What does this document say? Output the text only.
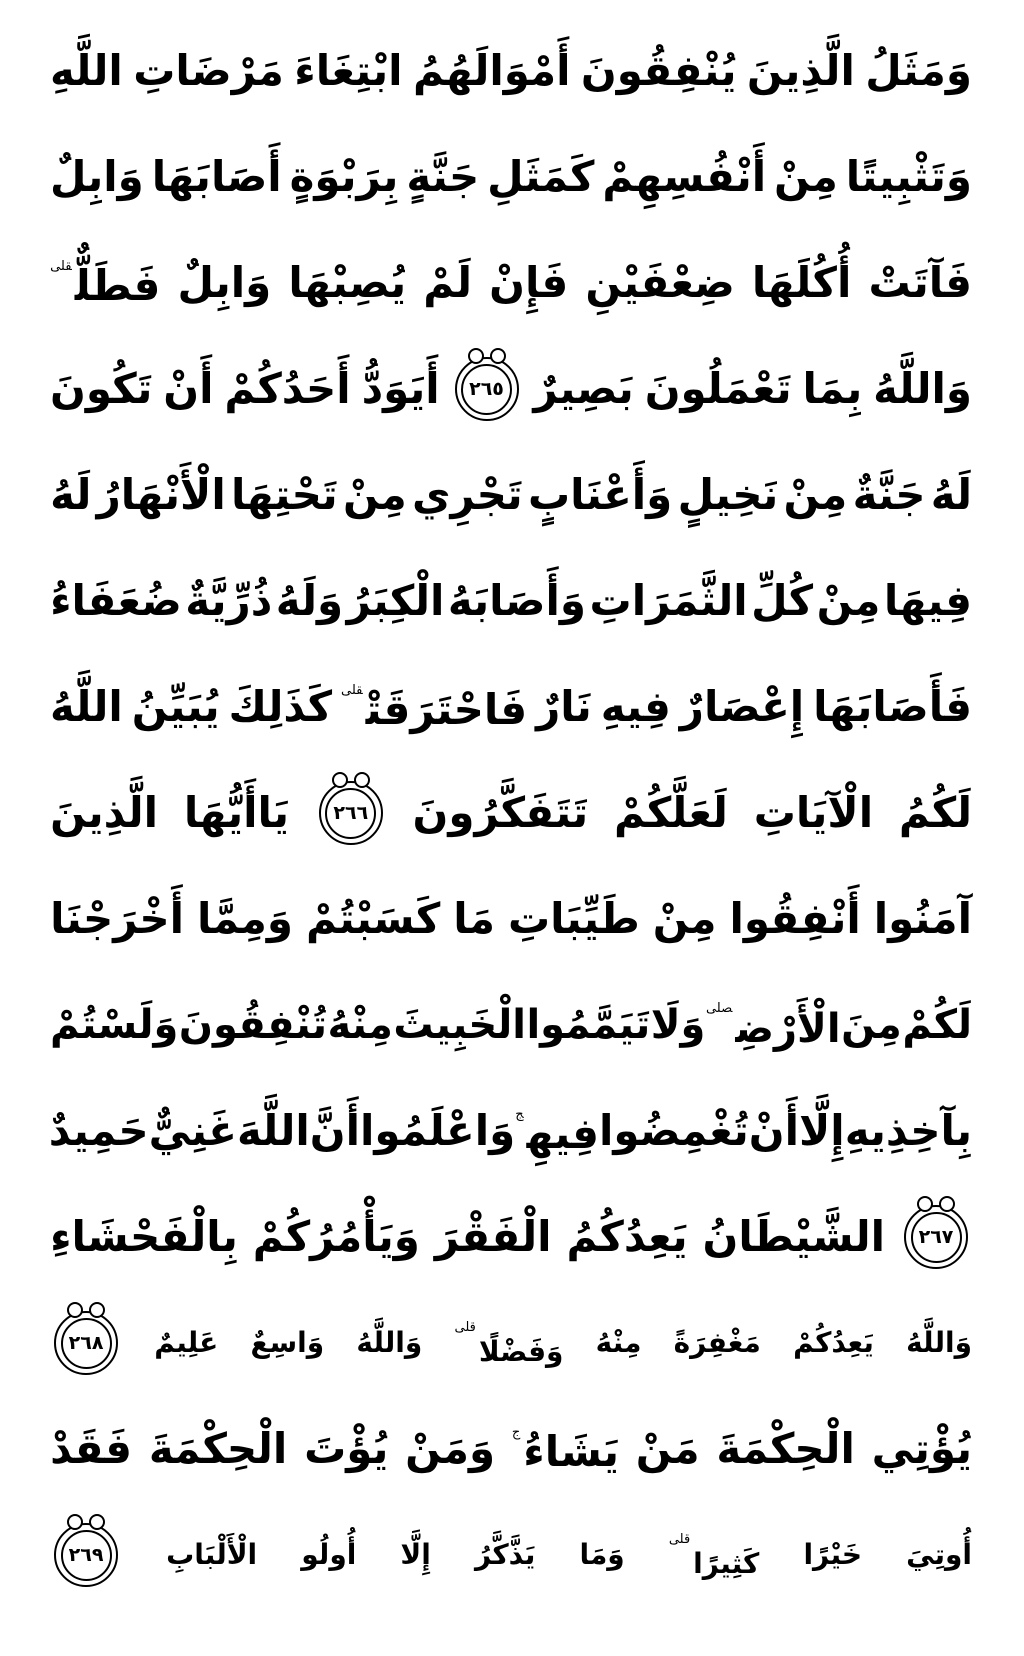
وَمَثَلُ
الَّذِينَ
يُنْفِقُونَ
أَمْوَالَهُمُ
ابْتِغَاءَ
مَرْضَاتِ
اللَّهِ
وَتَثْبِيتًا
مِنْ
أَنْفُسِهِمْ
كَمَثَلِ
جَنَّةٍ
بِرَبْوَةٍ
أَصَابَهَا
وَابِلٌ
فَآتَتْ
أُكُلَهَا
ضِعْفَيْنِ
فَإِنْ
لَمْ
يُصِبْهَا
وَابِلٌ
فَطَلٌّ$^{قلى}$
وَاللَّهُ
بِمَا
تَعْمَلُونَ
بَصِيرٌ
٢٦٥
أَيَوَدُّ
أَحَدُكُمْ
أَنْ
تَكُونَ
لَهُ
جَنَّةٌ
مِنْ
نَخِيلٍ
وَأَعْنَابٍ
تَجْرِي
مِنْ
تَحْتِهَا
الْأَنْهَارُ
لَهُ
فِيهَا
مِنْ
كُلِّ
الثَّمَرَاتِ
وَأَصَابَهُ
الْكِبَرُ
وَلَهُ
ذُرِّيَّةٌ
ضُعَفَاءُ
فَأَصَابَهَا
إِعْصَارٌ
فِيهِ
نَارٌ
فَاحْتَرَقَتْ$^{قلى}$
كَذَلِكَ
يُبَيِّنُ
اللَّهُ
لَكُمُ
الْآيَاتِ
لَعَلَّكُمْ
تَتَفَكَّرُونَ
٢٦٦
يَاأَيُّهَا
الَّذِينَ
آمَنُوا
أَنْفِقُوا
مِنْ
طَيِّبَاتِ
مَا
كَسَبْتُمْ
وَمِمَّا
أَخْرَجْنَا
لَكُمْ
مِنَ
الْأَرْضِ$^{صلى}$
وَلَا
تَيَمَّمُوا
الْخَبِيثَ
مِنْهُ
تُنْفِقُونَ
وَلَسْتُمْ
بِآخِذِيهِ
إِلَّا
أَنْ
تُغْمِضُوا
فِيهِ$^ج$
وَاعْلَمُوا
أَنَّ
اللَّهَ
غَنِيٌّ
حَمِيدٌ
٢٦٧
الشَّيْطَانُ
يَعِدُكُمُ
الْفَقْرَ
وَيَأْمُرُكُمْ
بِالْفَحْشَاءِ
وَاللَّهُ
يَعِدُكُمْ
مَغْفِرَةً
مِنْهُ
وَفَضْلًا$^{قلى}$
وَاللَّهُ
وَاسِعٌ
عَلِيمٌ
٢٦٨
يُؤْتِي
الْحِكْمَةَ
مَنْ
يَشَاءُ$^ج$
وَمَنْ
يُؤْتَ
الْحِكْمَةَ
فَقَدْ
أُوتِيَ
خَيْرًا
كَثِيرًا$^{قلى}$
وَمَا
يَذَّكَّرُ
إِلَّا
أُولُو
الْأَلْبَابِ
٢٦٩
